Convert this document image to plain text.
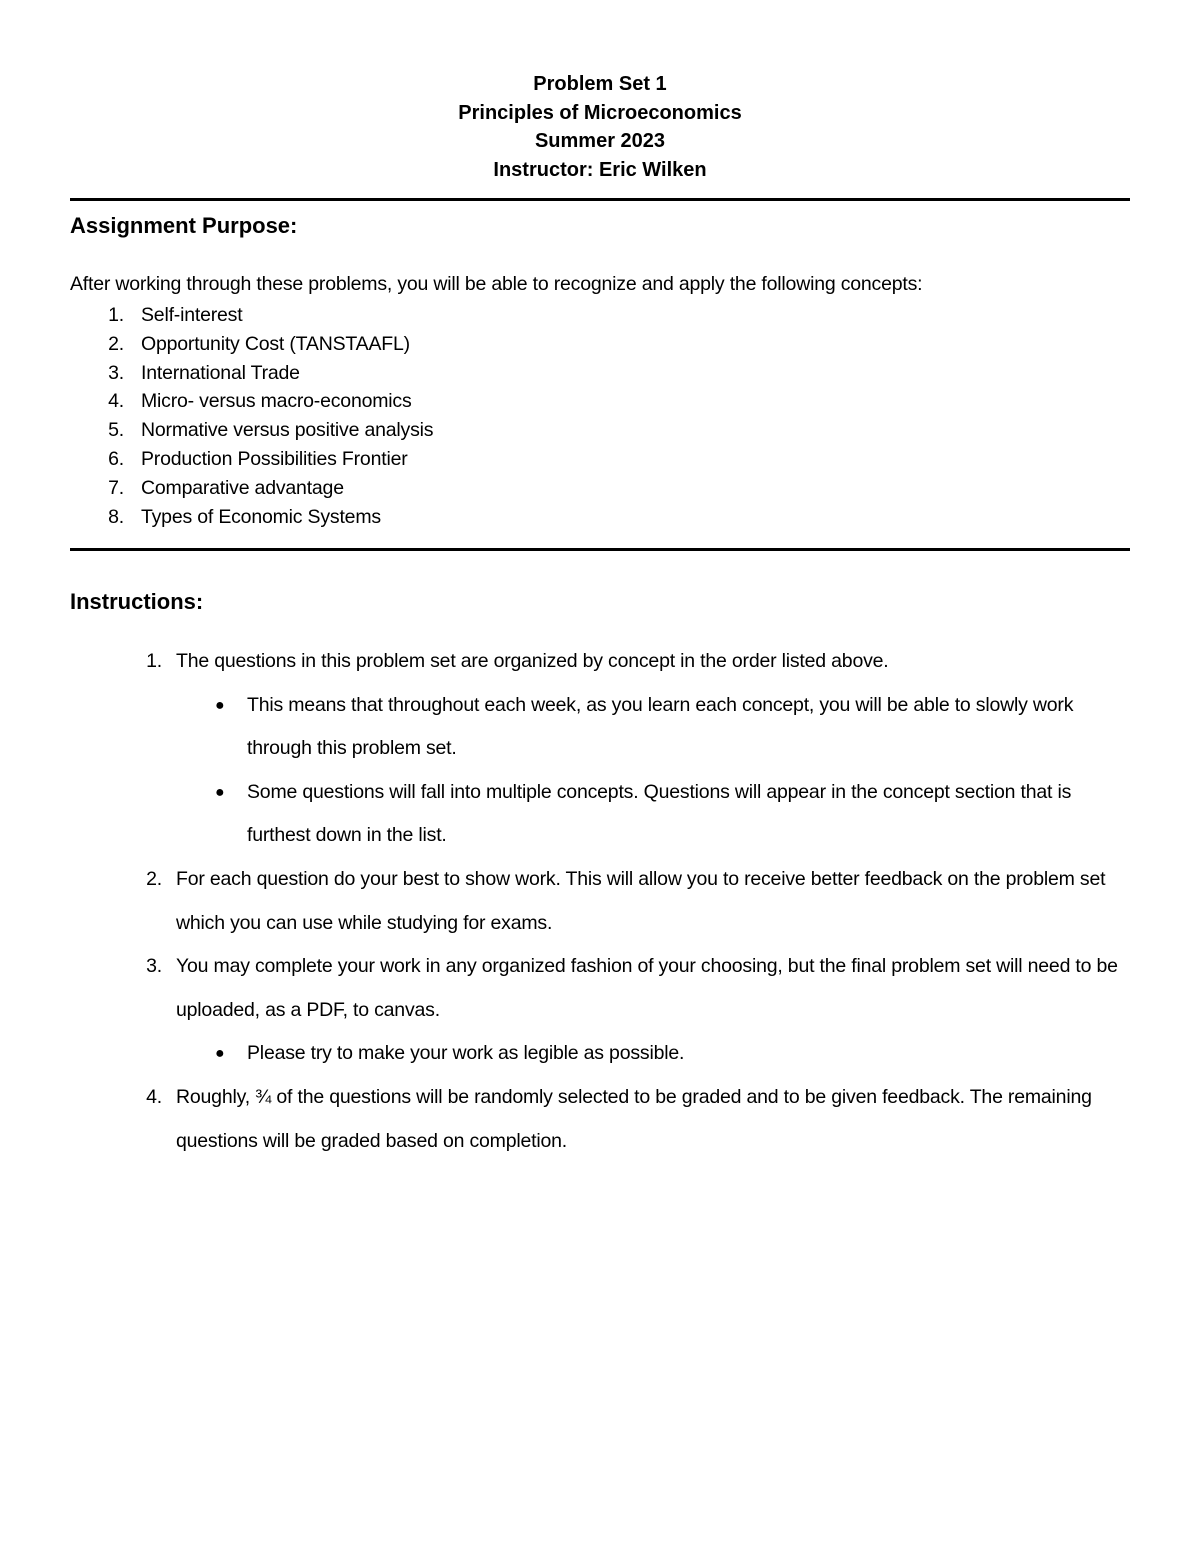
Problem Set 1
Principles of Microeconomics
Summer 2023
Instructor: Eric Wilken
Assignment Purpose:
After working through these problems, you will be able to recognize and apply the following concepts:
1. Self-interest
2. Opportunity Cost (TANSTAAFL)
3. International Trade
4. Micro- versus macro-economics
5. Normative versus positive analysis
6. Production Possibilities Frontier
7. Comparative advantage
8. Types of Economic Systems
Instructions:
1. The questions in this problem set are organized by concept in the order listed above.
● This means that throughout each week, as you learn each concept, you will be able to slowly work through this problem set.
● Some questions will fall into multiple concepts. Questions will appear in the concept section that is furthest down in the list.
2. For each question do your best to show work. This will allow you to receive better feedback on the problem set which you can use while studying for exams.
3. You may complete your work in any organized fashion of your choosing, but the final problem set will need to be uploaded, as a PDF, to canvas.
● Please try to make your work as legible as possible.
4. Roughly, ¾ of the questions will be randomly selected to be graded and to be given feedback. The remaining questions will be graded based on completion.
